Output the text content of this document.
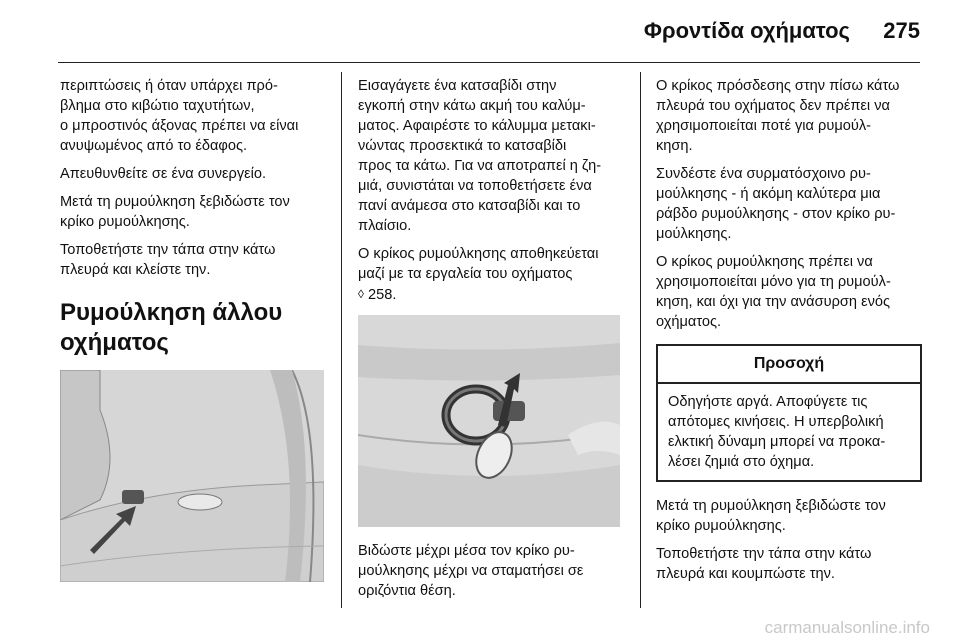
Φροντίδα οχήματος 275

περιπτώσεις ή όταν υπάρχει πρό-
βλημα στο κιβώτιο ταχυτήτων,
ο μπροστινός άξονας πρέπει να είναι
ανυψωμένος από το έδαφος.

Απευθυνθείτε σε ένα συνεργείο.

Μετά τη ρυμούλκηση ξεβιδώστε τον
κρίκο ρυμούλκησης.

Τοποθετήστε την τάπα στην κάτω
πλευρά και κλείστε την.

Ρυμούλκηση άλλου
οχήματος

Εισαγάγετε ένα κατσαβίδι στην
εγκοπή στην κάτω ακμή του καλύμ-
ματος. Αφαιρέστε το κάλυμμα μετακι-
νώντας προσεκτικά το κατσαβίδι
προς τα κάτω. Για να αποτραπεί η ζη-
μιά, συνιστάται να τοποθετήσετε ένα
πανί ανάμεσα στο κατσαβίδι και το
πλαίσιο.

Ο κρίκος ρυμούλκησης αποθηκεύεται
μαζί με τα εργαλεία του οχήματος
◊ 258.

Βιδώστε μέχρι μέσα τον κρίκο ρυ-
μούλκησης μέχρι να σταματήσει σε
οριζόντια θέση.

Ο κρίκος πρόσδεσης στην πίσω κάτω
πλευρά του οχήματος δεν πρέπει να
χρησιμοποιείται ποτέ για ρυμούλ-
κηση.

Συνδέστε ένα συρματόσχοινο ρυ-
μούλκησης - ή ακόμη καλύτερα μια
ράβδο ρυμούλκησης - στον κρίκο ρυ-
μούλκησης.

Ο κρίκος ρυμούλκησης πρέπει να
χρησιμοποιείται μόνο για τη ρυμούλ-
κηση, και όχι για την ανάσυρση ενός
οχήματος.

Προσοχή
Οδηγήστε αργά. Αποφύγετε τις
απότομες κινήσεις. Η υπερβολική
ελκτική δύναμη μπορεί να προκα-
λέσει ζημιά στο όχημα.

Μετά τη ρυμούλκηση ξεβιδώστε τον
κρίκο ρυμούλκησης.

Τοποθετήστε την τάπα στην κάτω
πλευρά και κουμπώστε την.

carmanualsonline.info
